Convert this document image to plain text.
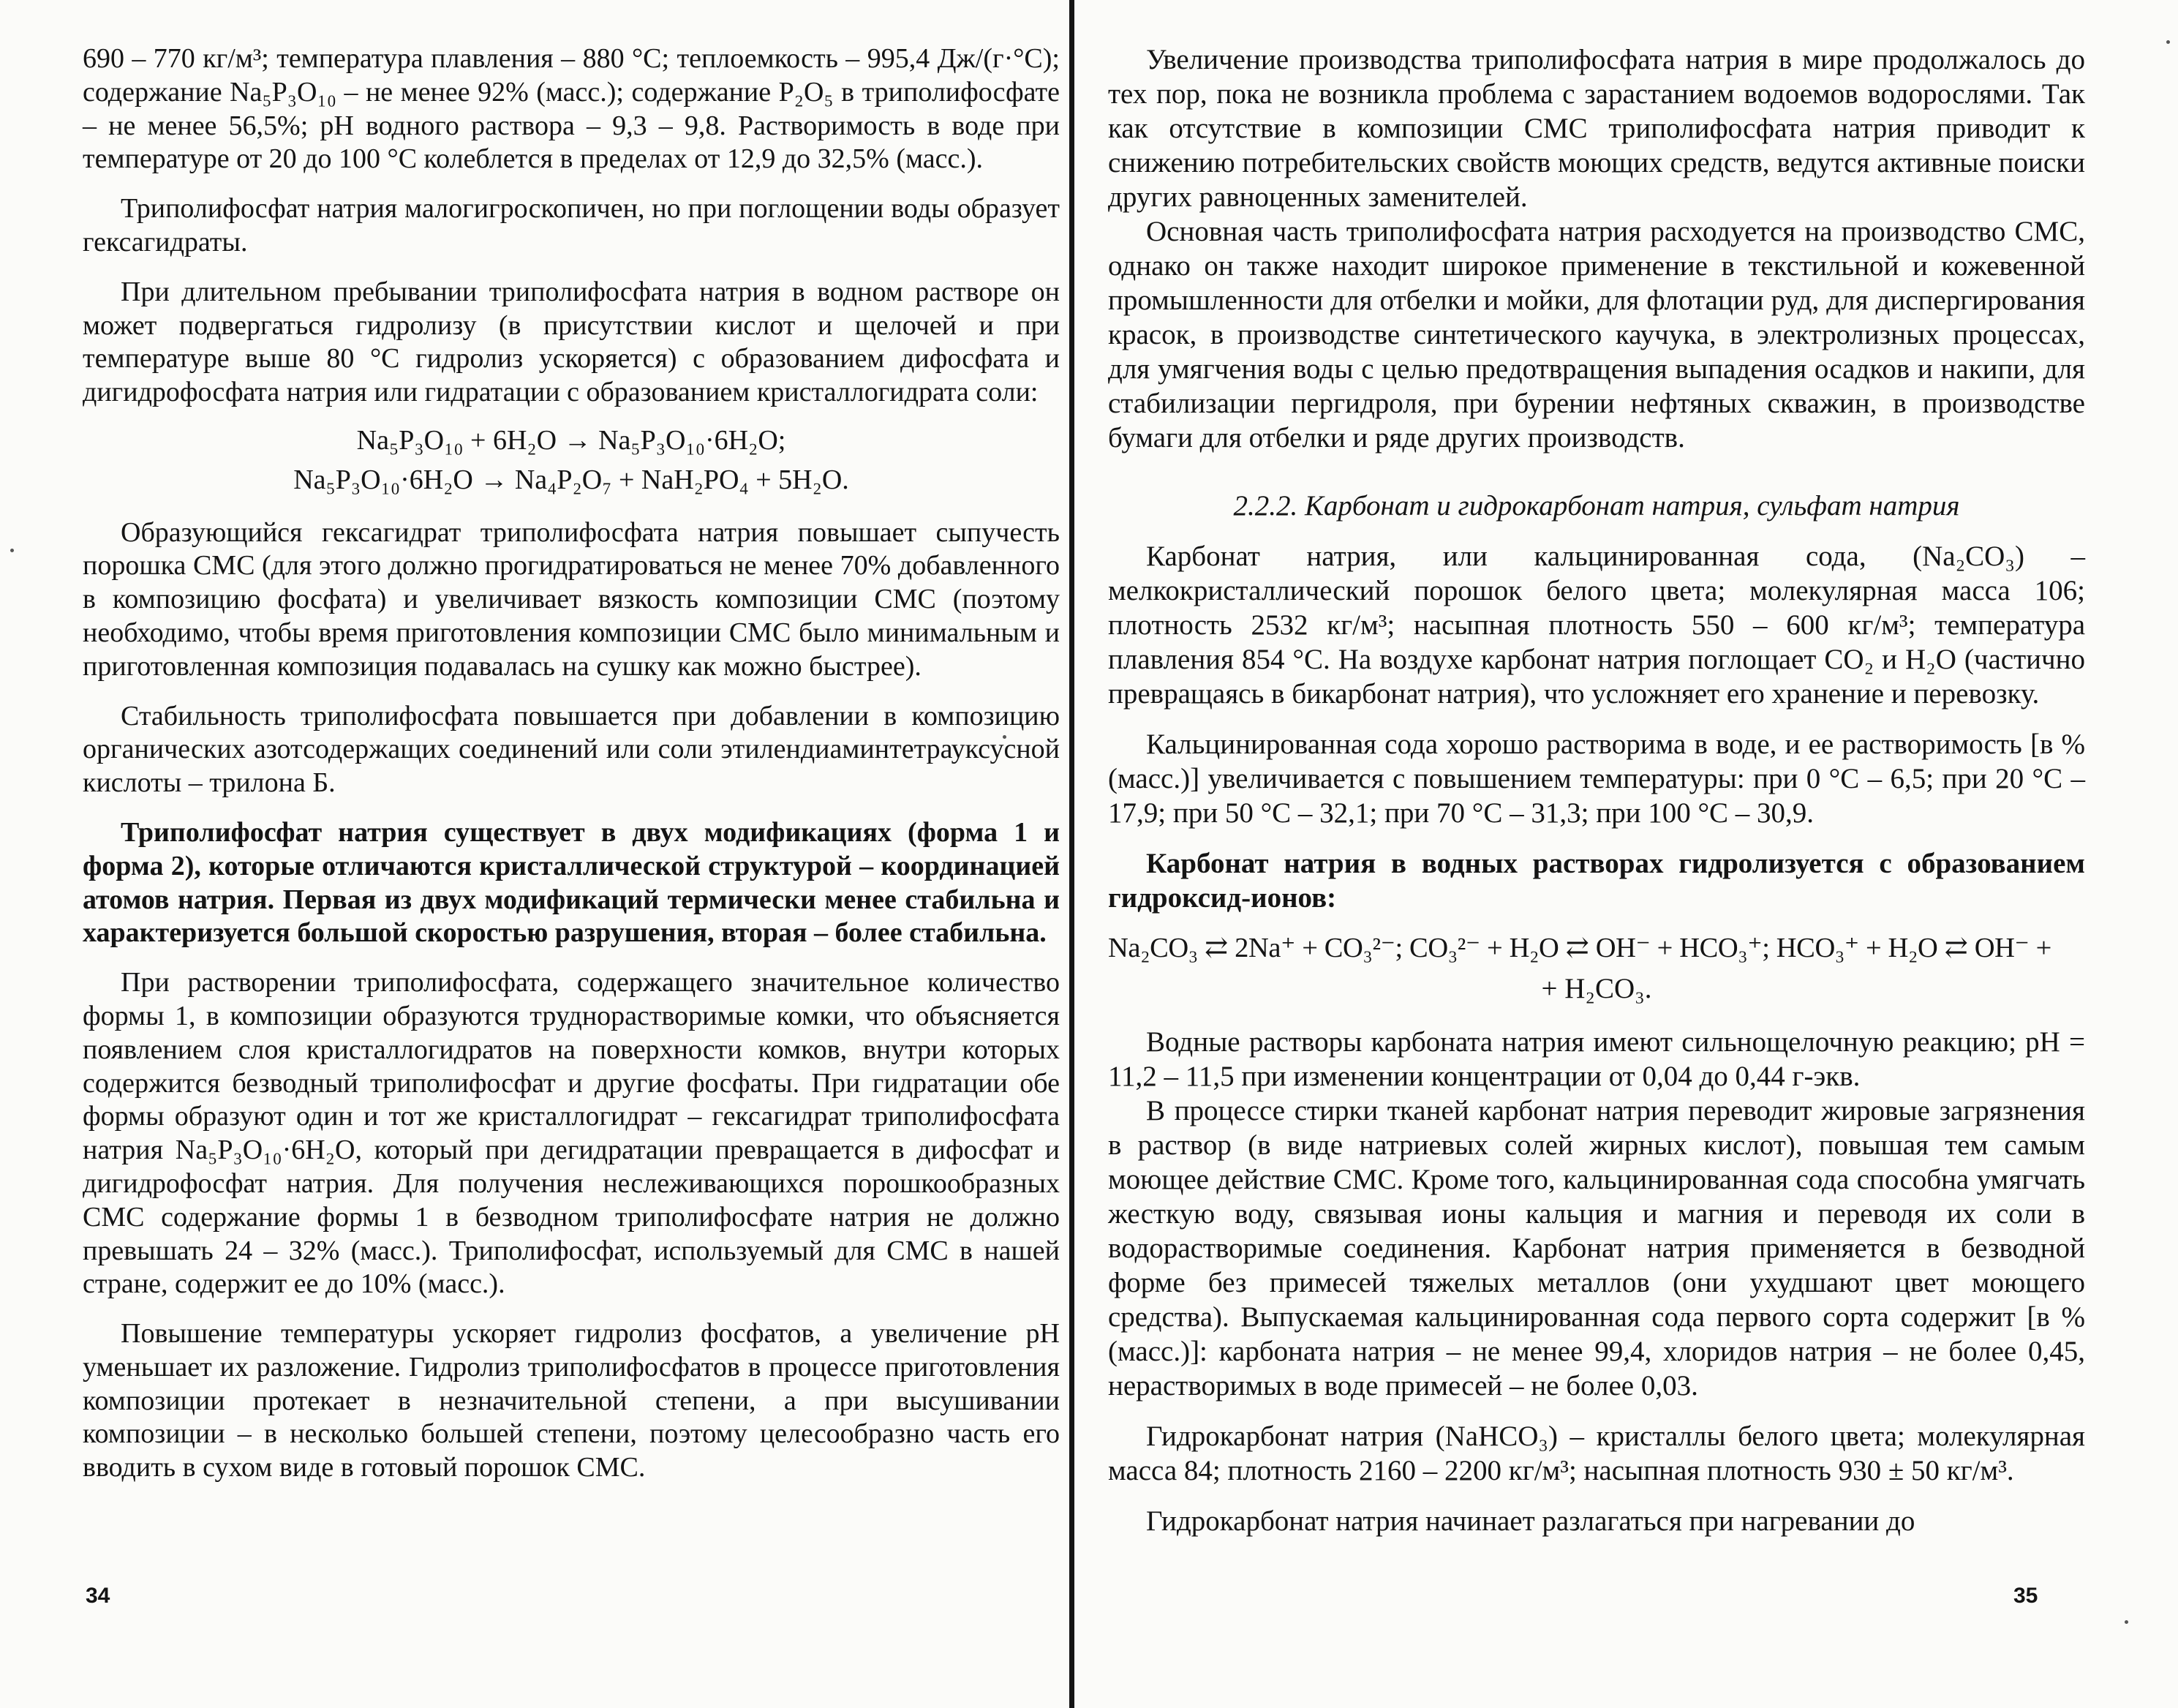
690 – 770 кг/м³; температура плавления – 880 °С; теплоемкость – 995,4 Дж/(г·°С); содержание Na₅P₃O₁₀ – не менее 92% (масс.); содержание P₂O₅ в триполифосфате – не менее 56,5%; pH водного раствора – 9,3 – 9,8. Растворимость в воде при температуре от 20 до 100 °С колеблется в пределах от 12,9 до 32,5% (масс.).

Триполифосфат натрия малогигроскопичен, но при поглощении воды образует гексагидраты.

При длительном пребывании триполифосфата натрия в водном растворе он может подвергаться гидролизу (в присутствии кислот и щелочей и при температуре выше 80 °С гидролиз ускоряется) с образованием дифосфата и дигидрофосфата натрия или гидратации с образованием кристаллогидрата соли:

Na₅P₃O₁₀ + 6H₂O → Na₅P₃O₁₀·6H₂O;

Na₅P₃O₁₀·6H₂O → Na₄P₂O₇ + NaH₂PO₄ + 5H₂O.

Образующийся гексагидрат триполифосфата натрия повышает сыпучесть порошка СМС (для этого должно прогидратироваться не менее 70% добавленного в композицию фосфата) и увеличивает вязкость композиции СМС (поэтому необходимо, чтобы время приготовления композиции СМС было минимальным и приготовленная композиция подавалась на сушку как можно быстрее).

Стабильность триполифосфата повышается при добавлении в композицию органических азотсодержащих соединений или соли этилендиаминтетрауксусной кислоты – трилона Б.

Триполифосфат натрия существует в двух модификациях (форма 1 и форма 2), которые отличаются кристаллической структурой – координацией атомов натрия. Первая из двух модификаций термически менее стабильна и характеризуется большой скоростью разрушения, вторая – более стабильна.

При растворении триполифосфата, содержащего значительное количество формы 1, в композиции образуются труднорастворимые комки, что объясняется появлением слоя кристаллогидратов на поверхности комков, внутри которых содержится безводный триполифосфат и другие фосфаты. При гидратации обе формы образуют один и тот же кристаллогидрат – гексагидрат триполифосфата натрия Na₅P₃O₁₀·6H₂O, который при дегидратации превращается в дифосфат и дигидрофосфат натрия. Для получения неслеживающихся порошкообразных СМС содержание формы 1 в безводном триполифосфате натрия не должно превышать 24 – 32% (масс.). Триполифосфат, используемый для СМС в нашей стране, содержит ее до 10% (масс.).

Повышение температуры ускоряет гидролиз фосфатов, а увеличение pH уменьшает их разложение. Гидролиз триполифосфатов в процессе приготовления композиции протекает в незначительной степени, а при высушивании композиции – в несколько большей степени, поэтому целесообразно часть его вводить в сухом виде в готовый порошок СМС.

Увеличение производства триполифосфата натрия в мире продолжалось до тех пор, пока не возникла проблема с зарастанием водоемов водорослями. Так как отсутствие в композиции СМС триполифосфата натрия приводит к снижению потребительских свойств моющих средств, ведутся активные поиски других равноценных заменителей.

Основная часть триполифосфата натрия расходуется на производство СМС, однако он также находит широкое применение в текстильной и кожевенной промышленности для отбелки и мойки, для флотации руд, для диспергирования красок, в производстве синтетического каучука, в электролизных процессах, для умягчения воды с целью предотвращения выпадения осадков и накипи, для стабилизации пергидроля, при бурении нефтяных скважин, в производстве бумаги для отбелки и ряде других производств.

2.2.2. Карбонат и гидрокарбонат натрия, сульфат натрия

Карбонат натрия, или кальцинированная сода, (Na₂CO₃) – мелкокристаллический порошок белого цвета; молекулярная масса 106; плотность 2532 кг/м³; насыпная плотность 550 – 600 кг/м³; температура плавления 854 °С. На воздухе карбонат натрия поглощает CO₂ и H₂O (частично превращаясь в бикарбонат натрия), что усложняет его хранение и перевозку.

Кальцинированная сода хорошо растворима в воде, и ее растворимость [в % (масс.)] увеличивается с повышением температуры: при 0 °С – 6,5; при 20 °С – 17,9; при 50 °С – 32,1; при 70 °С – 31,3; при 100 °С – 30,9.

Карбонат натрия в водных растворах гидролизуется с образованием гидроксид-ионов:

Na₂CO₃ ⇄ 2Na⁺ + CO₃²⁻; CO₃²⁻ + H₂O ⇄ OH⁻ + HCO₃⁺; HCO₃⁺ + H₂O ⇄ OH⁻ +

+ H₂CO₃.

Водные растворы карбоната натрия имеют сильнощелочную реакцию; pH = 11,2 – 11,5 при изменении концентрации от 0,04 до 0,44 г-экв.

В процессе стирки тканей карбонат натрия переводит жировые загрязнения в раствор (в виде натриевых солей жирных кислот), повышая тем самым моющее действие СМС. Кроме того, кальцинированная сода способна умягчать жесткую воду, связывая ионы кальция и магния и переводя их соли в водорастворимые соединения. Карбонат натрия применяется в безводной форме без примесей тяжелых металлов (они ухудшают цвет моющего средства). Выпускаемая кальцинированная сода первого сорта содержит [в % (масс.)]: карбоната натрия – не менее 99,4, хлоридов натрия – не более 0,45, нерастворимых в воде примесей – не более 0,03.

Гидрокарбонат натрия (NaHCO₃) – кристаллы белого цвета; молекулярная масса 84; плотность 2160 – 2200 кг/м³; насыпная плотность 930 ± 50 кг/м³.

Гидрокарбонат натрия начинает разлагаться при нагревании до

34	35
